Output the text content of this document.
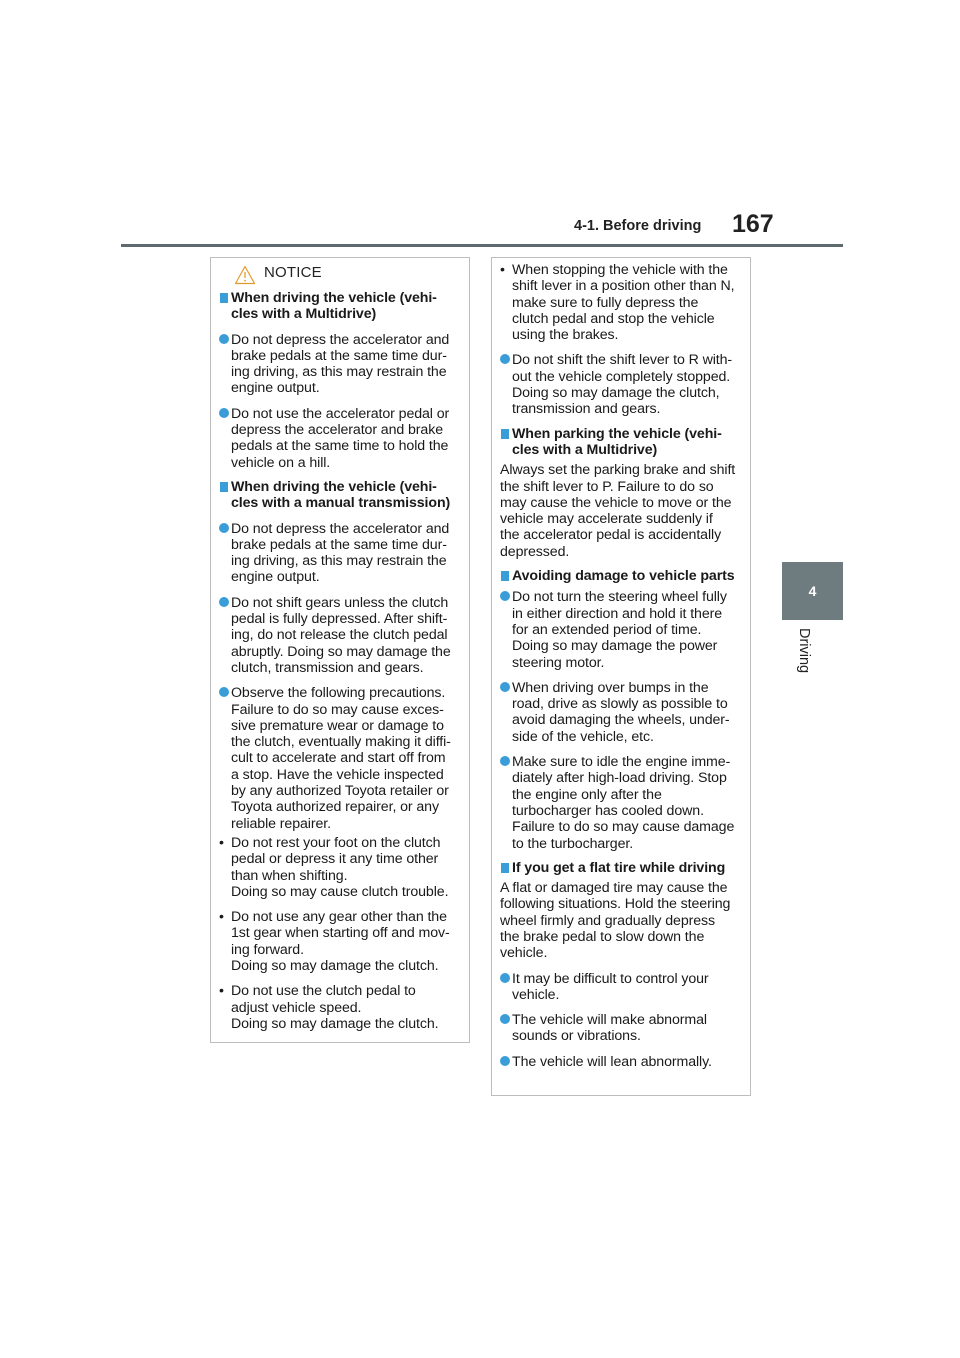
4-1. Before driving 167
4
Driving
NOTICE
When driving the vehicle (vehi-
cles with a Multidrive)
Do not depress the accelerator and
brake pedals at the same time dur-
ing driving, as this may restrain the
engine output.
Do not use the accelerator pedal or
depress the accelerator and brake
pedals at the same time to hold the
vehicle on a hill.
When driving the vehicle (vehi-
cles with a manual transmission)
Do not depress the accelerator and
brake pedals at the same time dur-
ing driving, as this may restrain the
engine output.
Do not shift gears unless the clutch
pedal is fully depressed. After shift-
ing, do not release the clutch pedal
abruptly. Doing so may damage the
clutch, transmission and gears.
Observe the following precautions.
Failure to do so may cause exces-
sive premature wear or damage to
the clutch, eventually making it diffi-
cult to accelerate and start off from
a stop. Have the vehicle inspected
by any authorized Toyota retailer or
Toyota authorized repairer, or any
reliable repairer.
• Do not rest your foot on the clutch
pedal or depress it any time other
than when shifting.
Doing so may cause clutch trouble.
• Do not use any gear other than the
1st gear when starting off and mov-
ing forward.
Doing so may damage the clutch.
• Do not use the clutch pedal to
adjust vehicle speed.
Doing so may damage the clutch.
• When stopping the vehicle with the
shift lever in a position other than N,
make sure to fully depress the
clutch pedal and stop the vehicle
using the brakes.
Do not shift the shift lever to R with-
out the vehicle completely stopped.
Doing so may damage the clutch,
transmission and gears.
When parking the vehicle (vehi-
cles with a Multidrive)
Always set the parking brake and shift
the shift lever to P. Failure to do so
may cause the vehicle to move or the
vehicle may accelerate suddenly if
the accelerator pedal is accidentally
depressed.
Avoiding damage to vehicle parts
Do not turn the steering wheel fully
in either direction and hold it there
for an extended period of time.
Doing so may damage the power
steering motor.
When driving over bumps in the
road, drive as slowly as possible to
avoid damaging the wheels, under-
side of the vehicle, etc.
Make sure to idle the engine imme-
diately after high-load driving. Stop
the engine only after the
turbocharger has cooled down.
Failure to do so may cause damage
to the turbocharger.
If you get a flat tire while driving
A flat or damaged tire may cause the
following situations. Hold the steering
wheel firmly and gradually depress
the brake pedal to slow down the
vehicle.
It may be difficult to control your
vehicle.
The vehicle will make abnormal
sounds or vibrations.
The vehicle will lean abnormally.
